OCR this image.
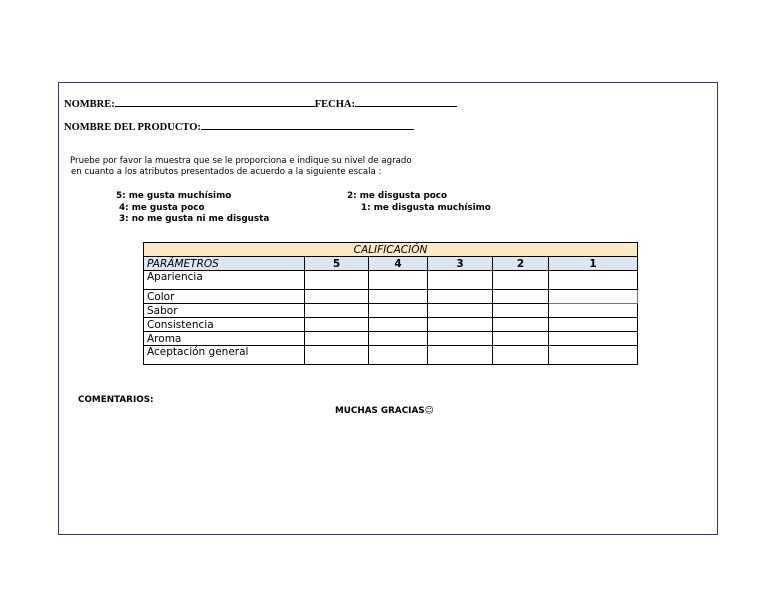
NOMBRE:	FECHA:
NOMBRE DEL PRODUCTO:
Pruebe por favor la muestra que se le proporciona e indique su nivel de agrado
en cuanto a los atributos presentados de acuerdo a la siguiente escala :
5: me gusta muchísimo
4: me gusta poco
3: no me gusta ni me disgusta
2: me disgusta poco
1: me disgusta muchísimo
CALIFICACIÓN					
PARÁMETROS	5	4	3	2	1
Apariencia					
Color					
Sabor					
Consistencia					
Aroma					
Aceptación general					
COMENTARIOS:
MUCHAS GRACIAS☺
